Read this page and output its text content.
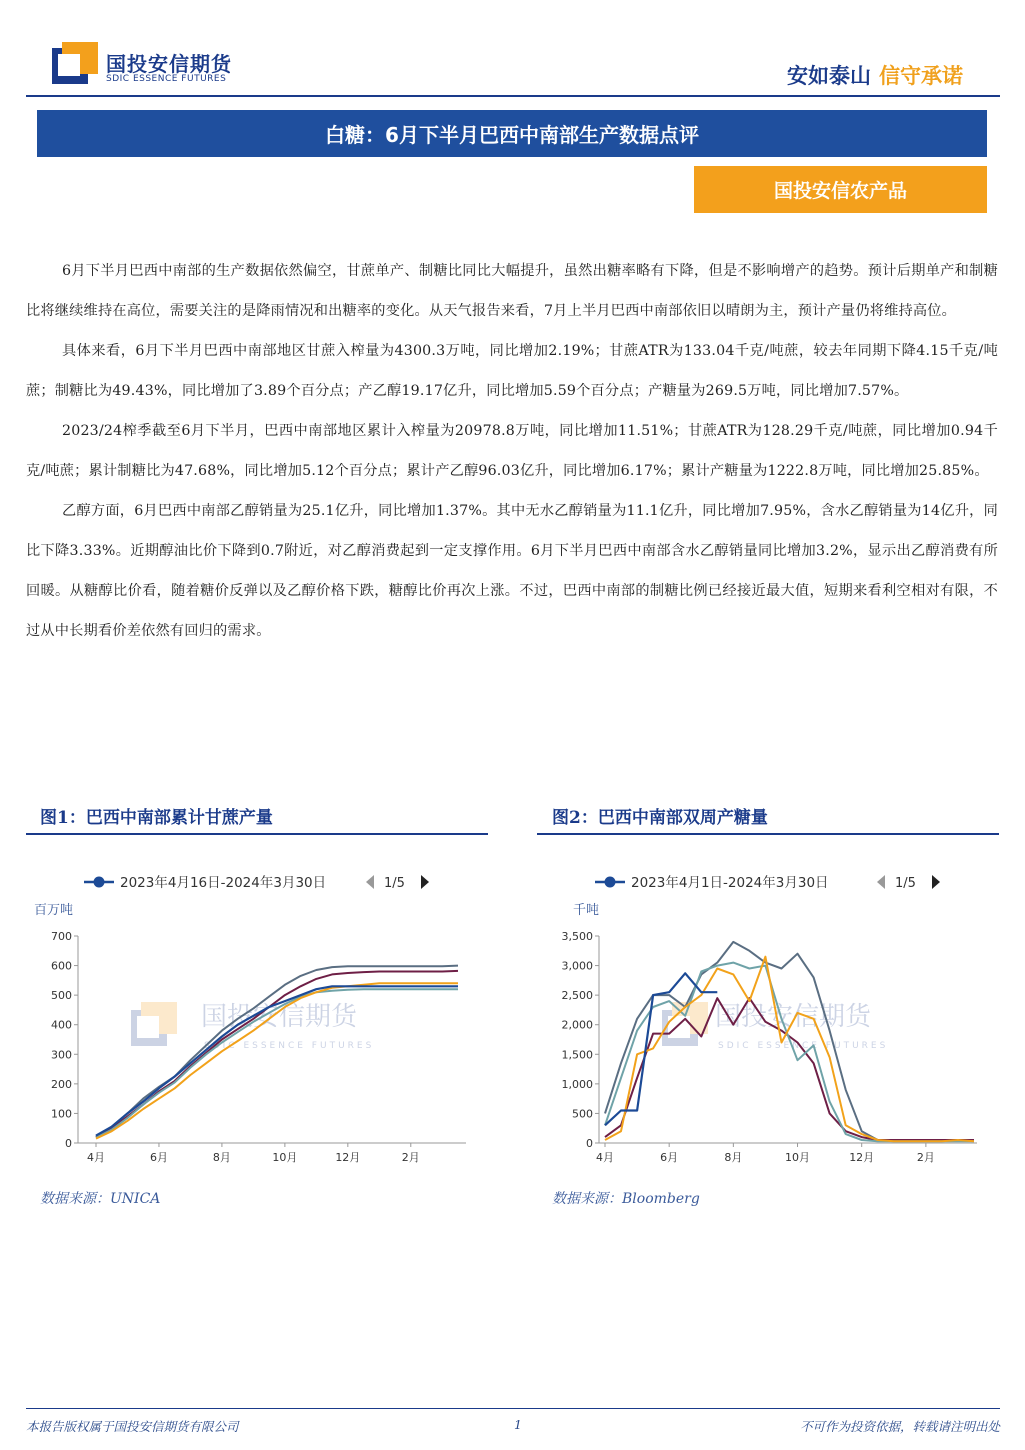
国投安信期货
SDIC ESSENCE FUTURES	安如泰山 信守承诺
白糖：6月下半月巴西中南部生产数据点评
国投安信农产品

6月下半月巴西中南部的生产数据依然偏空，甘蔗单产、制糖比同比大幅提升，虽然出糖率略有下降，但是不影响增产的趋势。预计后期单产和制糖比将继续维持在高位，需要关注的是降雨情况和出糖率的变化。从天气报告来看，7月上半月巴西中南部依旧以晴朗为主，预计产量仍将维持高位。

具体来看，6月下半月巴西中南部地区甘蔗入榨量为4300.3万吨，同比增加2.19%；甘蔗ATR为133.04千克/吨蔗，较去年同期下降4.15千克/吨蔗；制糖比为49.43%，同比增加了3.89个百分点；产乙醇19.17亿升，同比增加5.59个百分点；产糖量为269.5万吨，同比增加7.57%。

2023/24榨季截至6月下半月，巴西中南部地区累计入榨量为20978.8万吨，同比增加11.51%；甘蔗ATR为128.29千克/吨蔗，同比增加0.94千克/吨蔗；累计制糖比为47.68%，同比增加5.12个百分点；累计产乙醇96.03亿升，同比增加6.17%；累计产糖量为1222.8万吨，同比增加25.85%。

乙醇方面，6月巴西中南部乙醇销量为25.1亿升，同比增加1.37%。其中无水乙醇销量为11.1亿升，同比增加7.95%，含水乙醇销量为14亿升，同比下降3.33%。近期醇油比价下降到0.7附近，对乙醇消费起到一定支撑作用。6月下半月巴西中南部含水乙醇销量同比增加3.2%，显示出乙醇消费有所回暖。从糖醇比价看，随着糖价反弹以及乙醇价格下跌，糖醇比价再次上涨。不过，巴西中南部的制糖比例已经接近最大值，短期来看利空相对有限，不过从中长期看价差依然有回归的需求。

图1：巴西中南部累计甘蔗产量
国投安信期货
SDIC ESSENCE FUTURES
2023年4月16日-2024年3月30日	1/5
百万吨
0
100
200
300
400
500
600
700
4月	6月	8月	10月	12月	2月
数据来源：UNICA
图2：巴西中南部双周产糖量
国投安信期货
SDIC ESSENCE FUTURES
2023年4月1日-2024年3月30日	1/5
千吨
0
500
1,000
1,500
2,000
2,500
3,000
3,500
4月	6月	8月	10月	12月	2月
数据来源：Bloomberg
本报告版权属于国投安信期货有限公司	1	不可作为投资依据，转载请注明出处
